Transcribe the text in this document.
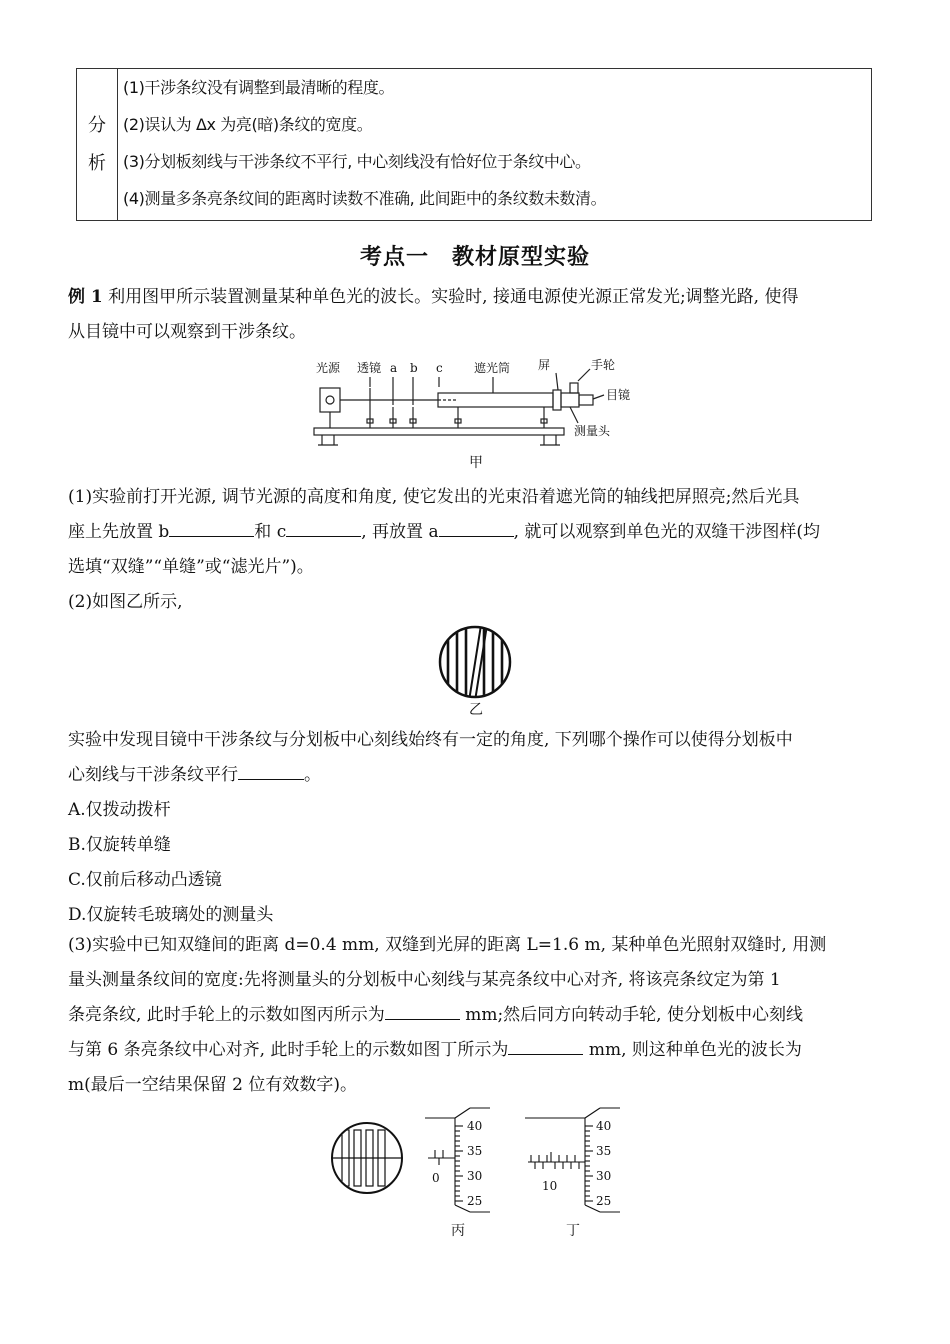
分
析
(1)干涉条纹没有调整到最清晰的程度。
(2)误认为 Δx 为亮(暗)条纹的宽度。
(3)分划板刻线与干涉条纹不平行, 中心刻线没有恰好位于条纹中心。
(4)测量多条亮条纹间的距离时读数不准确, 此间距中的条纹数未数清。
考点一　教材原型实验
例 1 利用图甲所示装置测量某种单色光的波长。实验时, 接通电源使光源正常发光;调整光路, 使得
从目镜中可以观察到干涉条纹。
光源 透镜 a b c	遮光筒 屏	手轮
目镜
测量头
甲
(1)实验前打开光源, 调节光源的高度和角度, 使它发出的光束沿着遮光筒的轴线把屏照亮;然后光具
座上先放置 b	和 c	, 再放置 a	, 就可以观察到单色光的双缝干涉图样(均
选填“双缝”“单缝”或“滤光片”)。
(2)如图乙所示,
乙
实验中发现目镜中干涉条纹与分划板中心刻线始终有一定的角度, 下列哪个操作可以使得分划板中
心刻线与干涉条纹平行	。
A.仅拨动拨杆
B.仅旋转单缝
C.仅前后移动凸透镜
D.仅旋转毛玻璃处的测量头
(3)实验中已知双缝间的距离 d=0.4 mm, 双缝到光屏的距离 L=1.6 m, 某种单色光照射双缝时, 用测
量头测量条纹间的宽度:先将测量头的分划板中心刻线与某亮条纹中心对齐, 将该亮条纹定为第 1
条亮条纹, 此时手轮上的示数如图丙所示为	mm;然后同方向转动手轮, 使分划板中心刻线
与第 6 条亮条纹中心对齐, 此时手轮上的示数如图丁所示为	mm, 则这种单色光的波长为
m(最后一空结果保留 2 位有效数字)。
40
35
30
25
0
40
35
30
25
10
丙	丁
